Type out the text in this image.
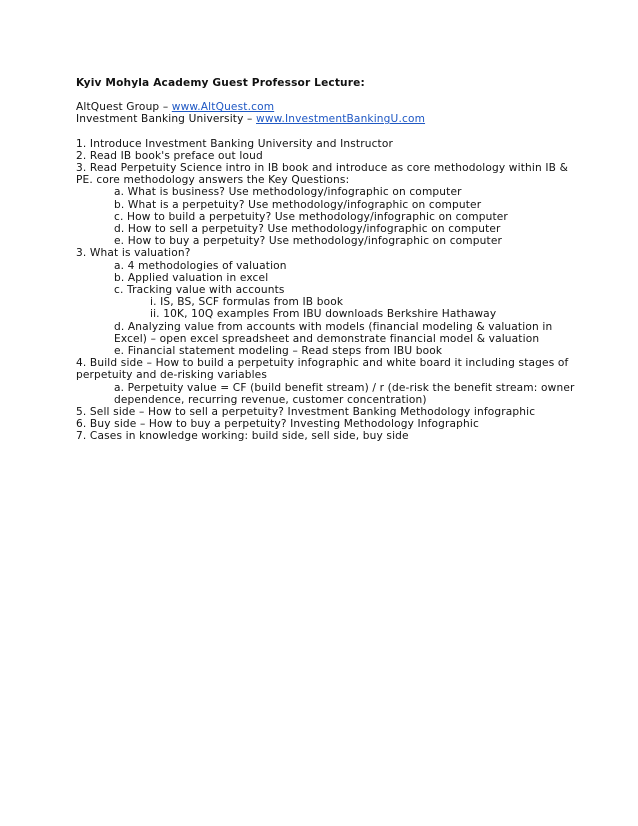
Kyiv Mohyla Academy Guest Professor Lecture:
AltQuest Group – www.AltQuest.com
Investment Banking University – www.InvestmentBankingU.com
1. Introduce Investment Banking University and Instructor
2. Read IB book's preface out loud
3. Read Perpetuity Science intro in IB book and introduce as core methodology within IB &
PE. core methodology answers the Key Questions:
a. What is business? Use methodology/infographic on computer
b. What is a perpetuity? Use methodology/infographic on computer
c. How to build a perpetuity? Use methodology/infographic on computer
d. How to sell a perpetuity? Use methodology/infographic on computer
e. How to buy a perpetuity? Use methodology/infographic on computer
3. What is valuation?
a. 4 methodologies of valuation
b. Applied valuation in excel
c. Tracking value with accounts
i. IS, BS, SCF formulas from IB book
ii. 10K, 10Q examples From IBU downloads Berkshire Hathaway
d. Analyzing value from accounts with models (financial modeling & valuation in
Excel) – open excel spreadsheet and demonstrate financial model & valuation
e. Financial statement modeling – Read steps from IBU book
4. Build side – How to build a perpetuity infographic and white board it including stages of
perpetuity and de-risking variables
a. Perpetuity value = CF (build benefit stream) / r (de-risk the benefit stream: owner
dependence, recurring revenue, customer concentration)
5. Sell side – How to sell a perpetuity? Investment Banking Methodology infographic
6. Buy side – How to buy a perpetuity? Investing Methodology Infographic
7. Cases in knowledge working: build side, sell side, buy side
